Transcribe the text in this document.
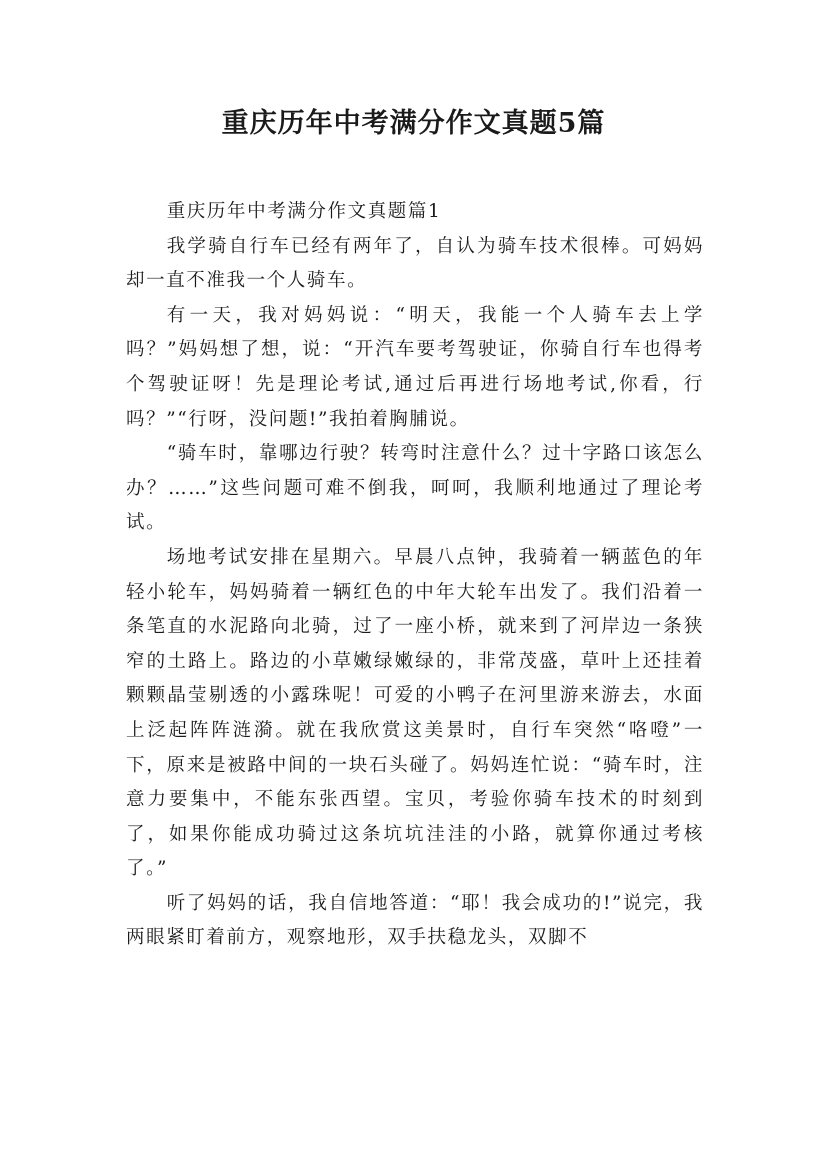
重庆历年中考满分作文真题5篇

重庆历年中考满分作文真题篇1

我学骑自行车已经有两年了，自认为骑车技术很棒。可妈妈却一直不准我一个人骑车。

有一天，我对妈妈说：“明天，我能一个人骑车去上学吗？”妈妈想了想，说：“开汽车要考驾驶证，你骑自行车也得考个驾驶证呀！先是理论考试,通过后再进行场地考试,你看，行吗？”“行呀，没问题!”我拍着胸脯说。

“骑车时，靠哪边行驶？转弯时注意什么？过十字路口该怎么办？……”这些问题可难不倒我，呵呵，我顺利地通过了理论考试。

场地考试安排在星期六。早晨八点钟，我骑着一辆蓝色的年轻小轮车，妈妈骑着一辆红色的中年大轮车出发了。我们沿着一条笔直的水泥路向北骑，过了一座小桥，就来到了河岸边一条狭窄的土路上。路边的小草嫩绿嫩绿的，非常茂盛，草叶上还挂着颗颗晶莹剔透的小露珠呢！可爱的小鸭子在河里游来游去，水面上泛起阵阵涟漪。就在我欣赏这美景时，自行车突然“咯噔”一下，原来是被路中间的一块石头碰了。妈妈连忙说：“骑车时，注意力要集中，不能东张西望。宝贝，考验你骑车技术的时刻到了，如果你能成功骑过这条坑坑洼洼的小路，就算你通过考核了。”

听了妈妈的话，我自信地答道：“耶！我会成功的!”说完，我两眼紧盯着前方，观察地形，双手扶稳龙头，双脚不
